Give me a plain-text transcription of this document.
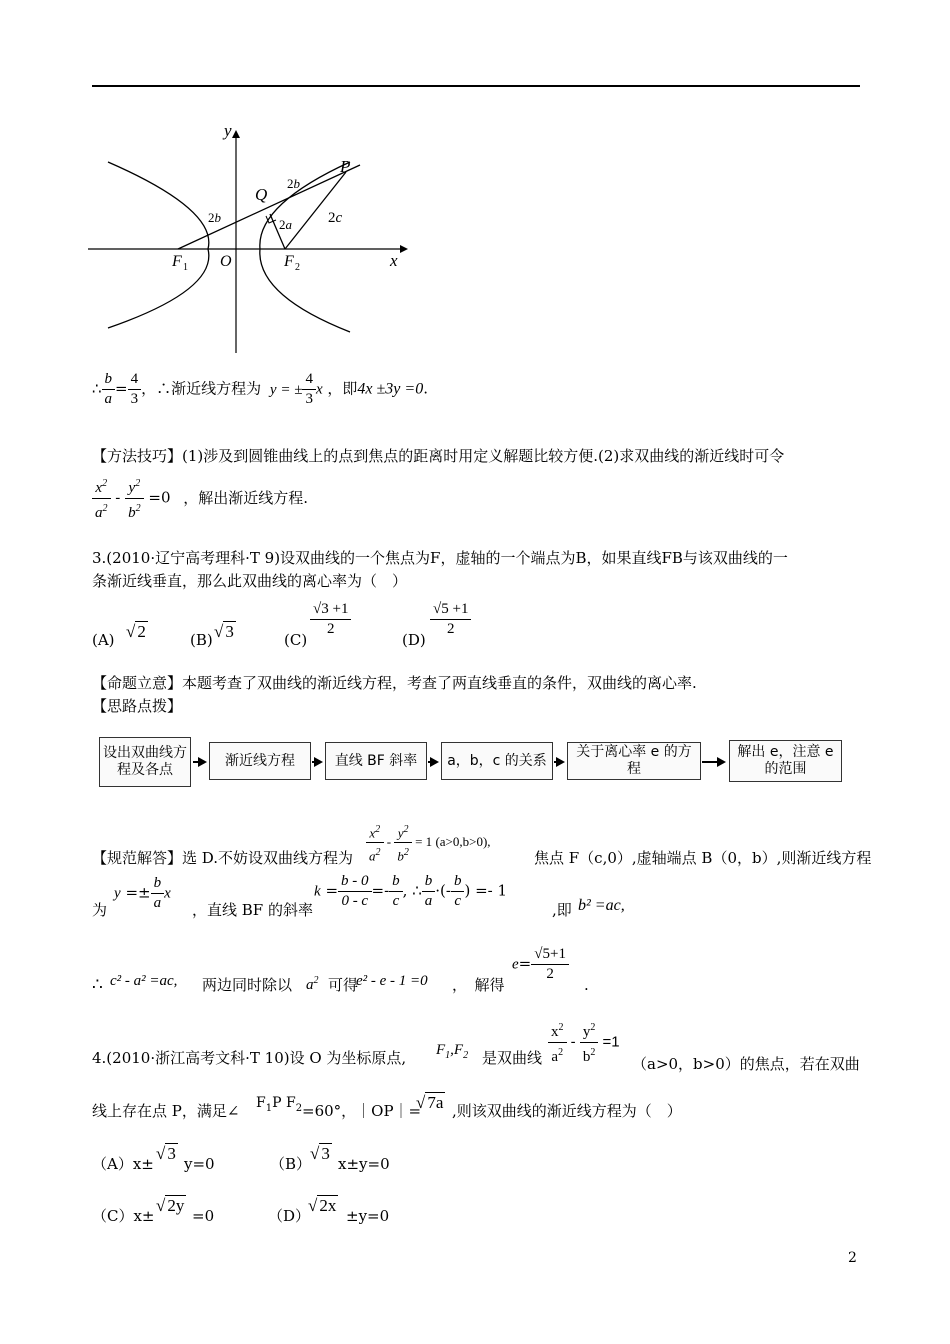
y
x
P
Q
O
F 1	F 2
2b
2b	2a 2c
∴ $\frac{b}{a} = \frac{4}{3}$ ，∴渐近线方程为 y = ± $\frac{4}{3}$ x ，即4x ±3y =0.
【方法技巧】(1)涉及到圆锥曲线上的点到焦点的距离时用定义解题比较方便.(2)求双曲线的渐近线时可令
$\frac{x^2}{a^2} - \frac{y^2}{b^2} =0$ ，解出渐近线方程.
3.(2010·辽宁高考理科·T 9)设双曲线的一个焦点为F，虚轴的一个端点为B，如果直线FB与该双曲线的一
条渐近线垂直，那么此双曲线的离心率为（　）
(A) √ 2	(B) √ 3	(C)
$\frac{√3 +1}{2}$
(D)
$\frac{√5 +1}{2}$
【命题立意】本题考查了双曲线的渐近线方程，考查了两直线垂直的条件，双曲线的离心率.
【思路点拨】
设出双曲线方程及各点
渐近线方程	直线 BF 斜率	a，b，c 的关系
关于离心率 e 的方程
解出 e，注意 e 的范围
$\frac{x^2}{a^2} - \frac{y^2}{b^2} = 1$ (a>0,b>0),
【规范解答】选 D.不妨设双曲线方程为	焦点 F（c,0）,虚轴端点 B（0，b）,则渐近线方程
为
$y =\pm \frac{b}{a}$ x
，直线 BF 的斜率
$k = \frac{b - 0}{0 - c} =- \frac{b}{c}$ , ∴ $\frac{b}{a}$ ·(- $\frac{b}{c}$ ) =- 1
,即 b² =ac,
∴ c² - a² =ac, 两边同时除以 $a^2$ 可得
e² - e - 1 =0 ，　解得
$e= \frac{√5+1}{2}$
.
4.(2010·浙江高考文科·T 10)设 O 为坐标原点, $F_1,F_2$ 是双曲线 $\frac{x^2}{a^2} - \frac{y^2}{b^2} =1$
（a>0，b>0）的焦点，若在双曲
线上存在点 P，满足∠ $F_1P$ $F_2 =60^\circ$，｜OP｜=
√ 7a ,则该双曲线的渐近线方程为（　）
（A）x±
√ 3
y=0	（B）
√ 3
x±y=0
（C）x±
√ 2y
=0	（D）
√ 2x
±y=0
2
